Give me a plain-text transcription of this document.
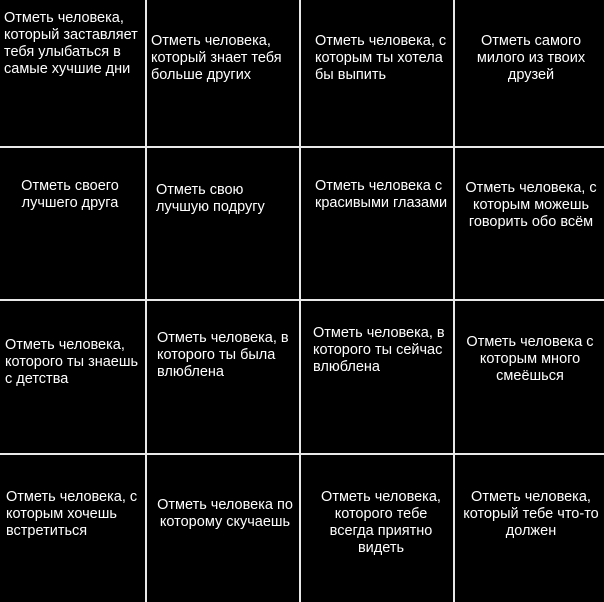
Отметь человека, который заставляет тебя улыбаться в самые хучшие дни
Отметь человека, который знает тебя больше других
Отметь человека, с которым ты хотела бы выпить
Отметь самого милого из твоих друзей
Отметь своего лучшего друга
Отметь свою лучшую подругу
Отметь человека с красивыми глазами
Отметь человека, с которым можешь говорить обо всём
Отметь человека, которого ты знаешь с детства
Отметь человека, в которого ты была влюблена
Отметь человека, в которого ты сейчас влюблена
Отметь человека с которым много смеёшься
Отметь человека, с которым хочешь встретиться
Отметь человека по которому скучаешь
Отметь человека, которого тебе всегда приятно видеть
Отметь человека, который тебе что-то должен
